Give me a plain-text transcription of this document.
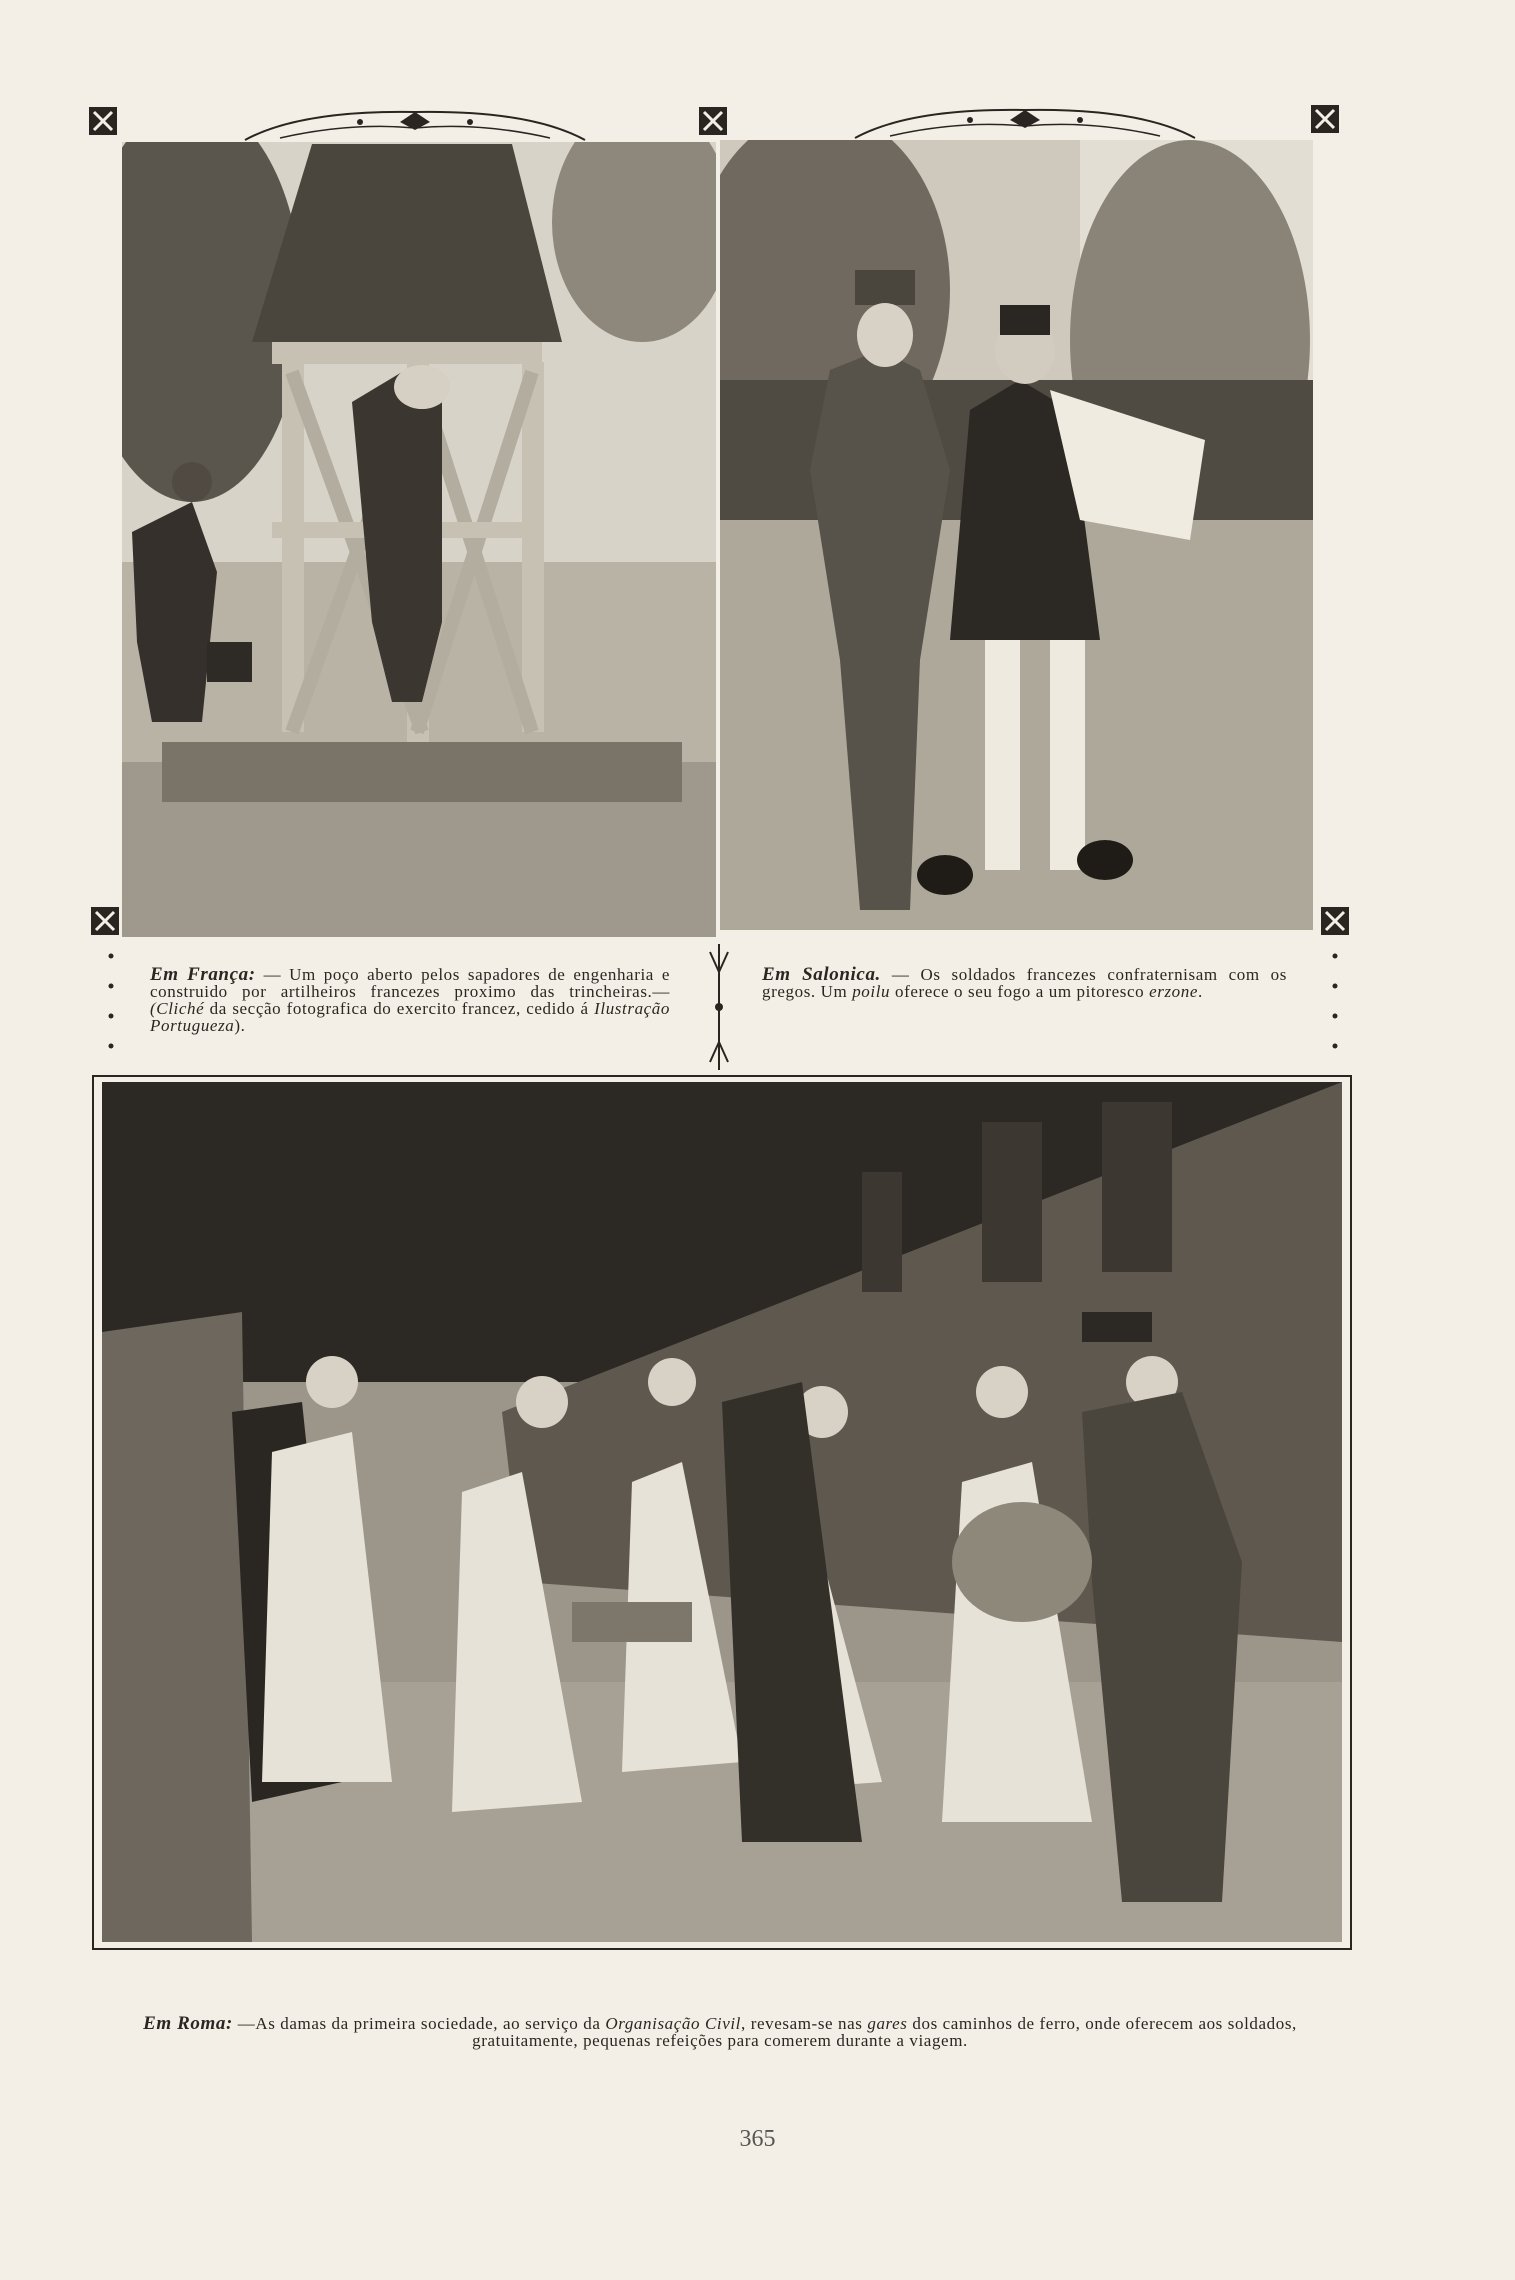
Em França: — Um poço aberto pelos sapadores de engenharia e construido por artilheiros francezes proximo das trincheiras.— (Cliché da secção fotografica do exercito francez, cedido á Ilustração Portugueza).
Em Salonica. — Os soldados francezes confraternisam com os gregos. Um poilu oferece o seu fogo a um pitoresco erzone.
Em Roma: —As damas da primeira sociedade, ao serviço da Organisação Civil, revesam-se nas gares dos caminhos de ferro, onde oferecem aos soldados, gratuitamente, pequenas refeições para comerem durante a viagem.
365
